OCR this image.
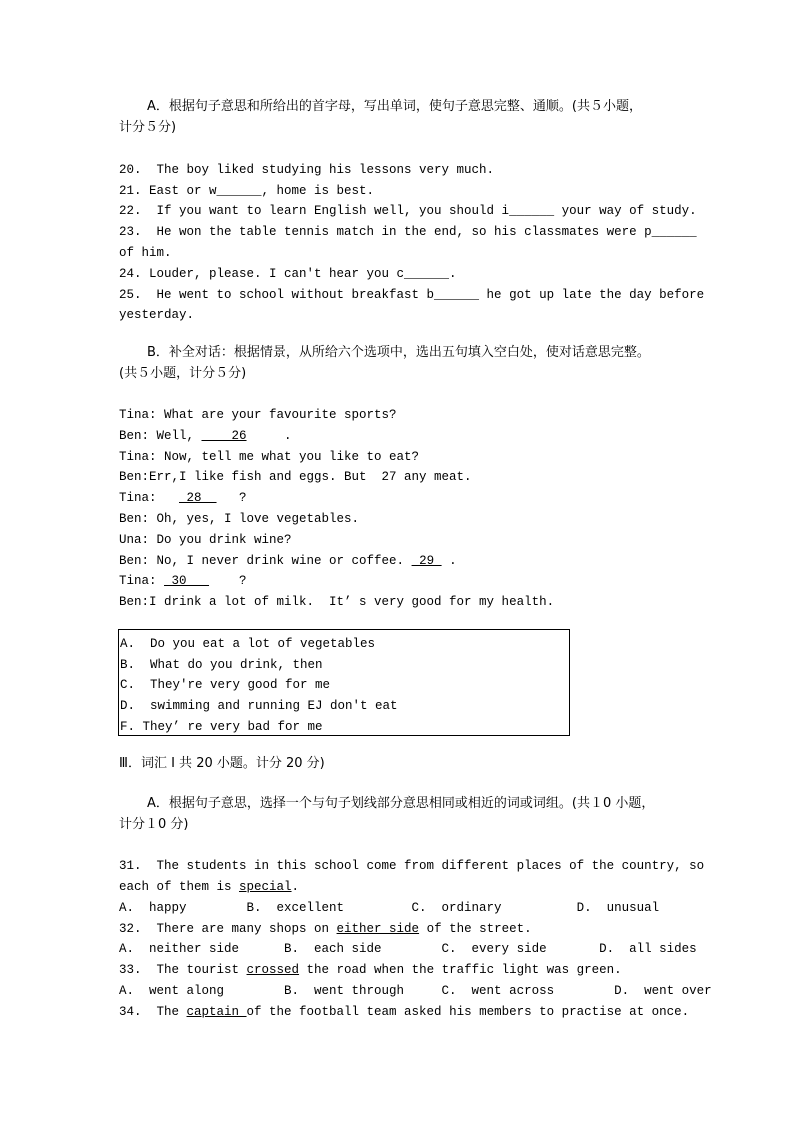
A．根据句子意思和所给出的首字母，写出单词，使句子意思完整、通顺。(共５小题，
计分５分)
20.  The boy liked studying his lessons very much.
21. East or w______, home is best.
22.  If you want to learn English well, you should i______ your way of study.
23.  He won the table tennis match in the end, so his classmates were p______
of him.
24. Louder, please. I can't hear you c______.
25.  He went to school without breakfast b______ he got up late the day before
yesterday.
B．补全对话：根据情景，从所给六个选项中，选出五句填入空白处，使对话意思完整。
(共５小题，计分５分)
Tina: What are your favourite sports?
Ben: Well, ____26     .
Tina: Now, tell me what you like to eat?
Ben:Err,I like fish and eggs. But  27 any meat.
Tina:    28     ?
Ben: Oh, yes, I love vegetables.
Una: Do you drink wine?
Ben: No, I never drink wine or coffee.  29  .
Tina:  30       ?
Ben:I drink a lot of milk.  It’ s very good for my health.
A.  Do you eat a lot of vegetables
B.  What do you drink, then
C.  They're very good for me
D.  swimming and running EJ don't eat
F. They’ re very bad for me
Ⅲ．词汇 I 共 20 小题。计分 20 分)
A．根据句子意思，选择一个与句子划线部分意思相同或相近的词或词组。(共１0 小题，
计分１0 分)
31.  The students in this school come from different places of the country, so
each of them is special.
A.  happy        B.  excellent         C.  ordinary          D.  unusual
32.  There are many shops on either side of the street.
A.  neither side      B.  each side        C.  every side       D.  all sides
33.  The tourist crossed the road when the traffic light was green.
A.  went along        B.  went through     C.  went across        D.  went over
34.  The captain of the football team asked his members to practise at once.
